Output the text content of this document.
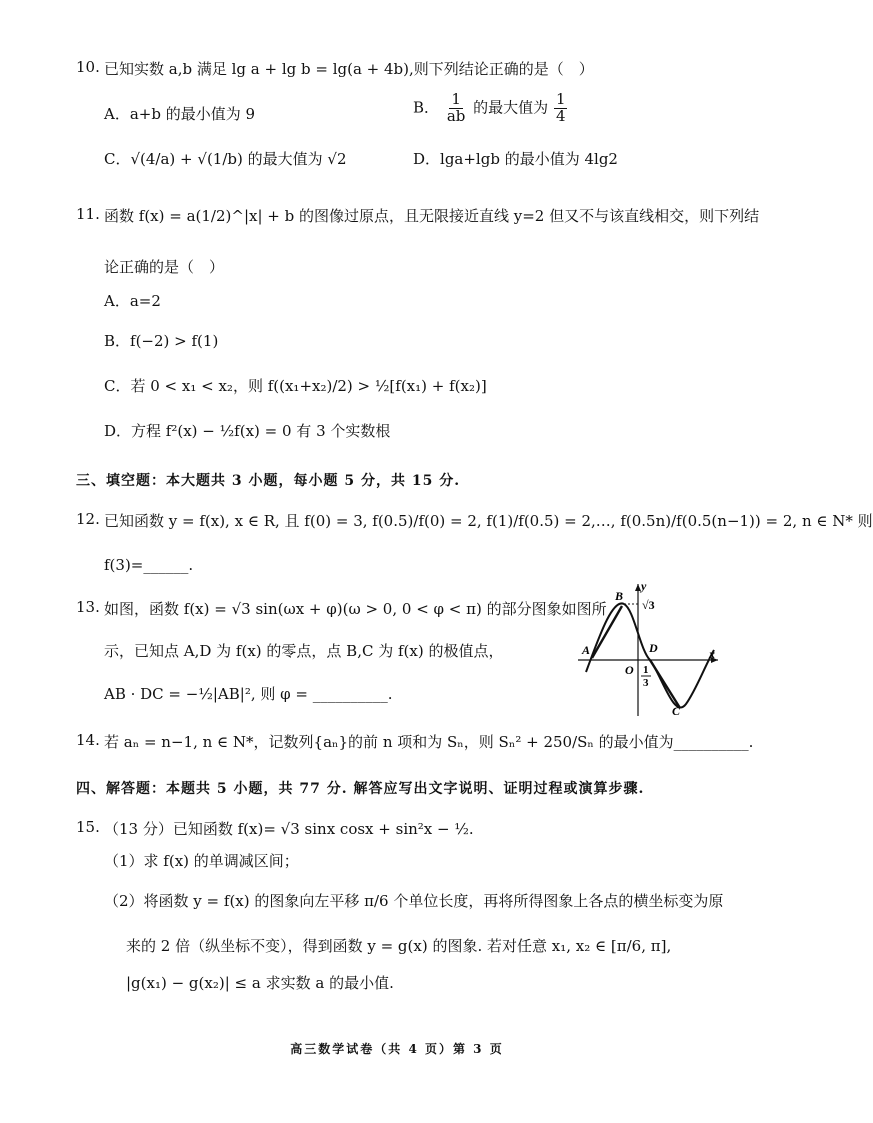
10. 已知实数 a,b 满足 lg a + lg b = lg(a + 4b),则下列结论正确的是（　）
A．a+b 的最小值为 9	B． $\frac{1}{ab}$ 的最大值为 $\frac{1}{4}$
C．√(4/a) + √(1/b) 的最大值为 √2	D．lga+lgb 的最小值为 4lg2
11. 函数 f(x) = a(1/2)^|x| + b 的图像过原点，且无限接近直线 y=2 但又不与该直线相交，则下列结
论正确的是（　）
A．a=2
B．f(−2) > f(1)
C．若 0 < x₁ < x₂，则 f((x₁+x₂)/2) > ½[f(x₁) + f(x₂)]
D．方程 f²(x) − ½f(x) = 0 有 3 个实数根
三、填空题：本大题共 3 小题，每小题 5 分，共 15 分.
12. 已知函数 y = f(x), x ∈ R, 且 f(0) = 3, f(0.5)/f(0) = 2, f(1)/f(0.5) = 2,…, f(0.5n)/f(0.5(n−1)) = 2, n ∈ N* 则
f(3)=______.
13. 如图，函数 f(x) = √3 sin(ωx + φ)(ω > 0, 0 < φ < π) 的部分图象如图所
示，已知点 A,D 为 f(x) 的零点，点 B,C 为 f(x) 的极值点，
AB · DC = −½|AB|², 则 φ = __________.
y
x
√3
B
A	D
O 1
3
C
14. 若 aₙ = n−1, n ∈ N*，记数列{aₙ}的前 n 项和为 Sₙ，则 Sₙ² + 250/Sₙ 的最小值为__________.
四、解答题：本题共 5 小题，共 77 分. 解答应写出文字说明、证明过程或演算步骤.
15. （13 分）已知函数 f(x)= √3 sinx cosx + sin²x − ½.
（1）求 f(x) 的单调减区间；
（2）将函数 y = f(x) 的图象向左平移 π/6 个单位长度，再将所得图象上各点的横坐标变为原
来的 2 倍（纵坐标不变），得到函数 y = g(x) 的图象. 若对任意 x₁, x₂ ∈ [π/6, π],
|g(x₁) − g(x₂)| ≤ a 求实数 a 的最小值.
高三数学试卷（共 4 页）第 3 页
